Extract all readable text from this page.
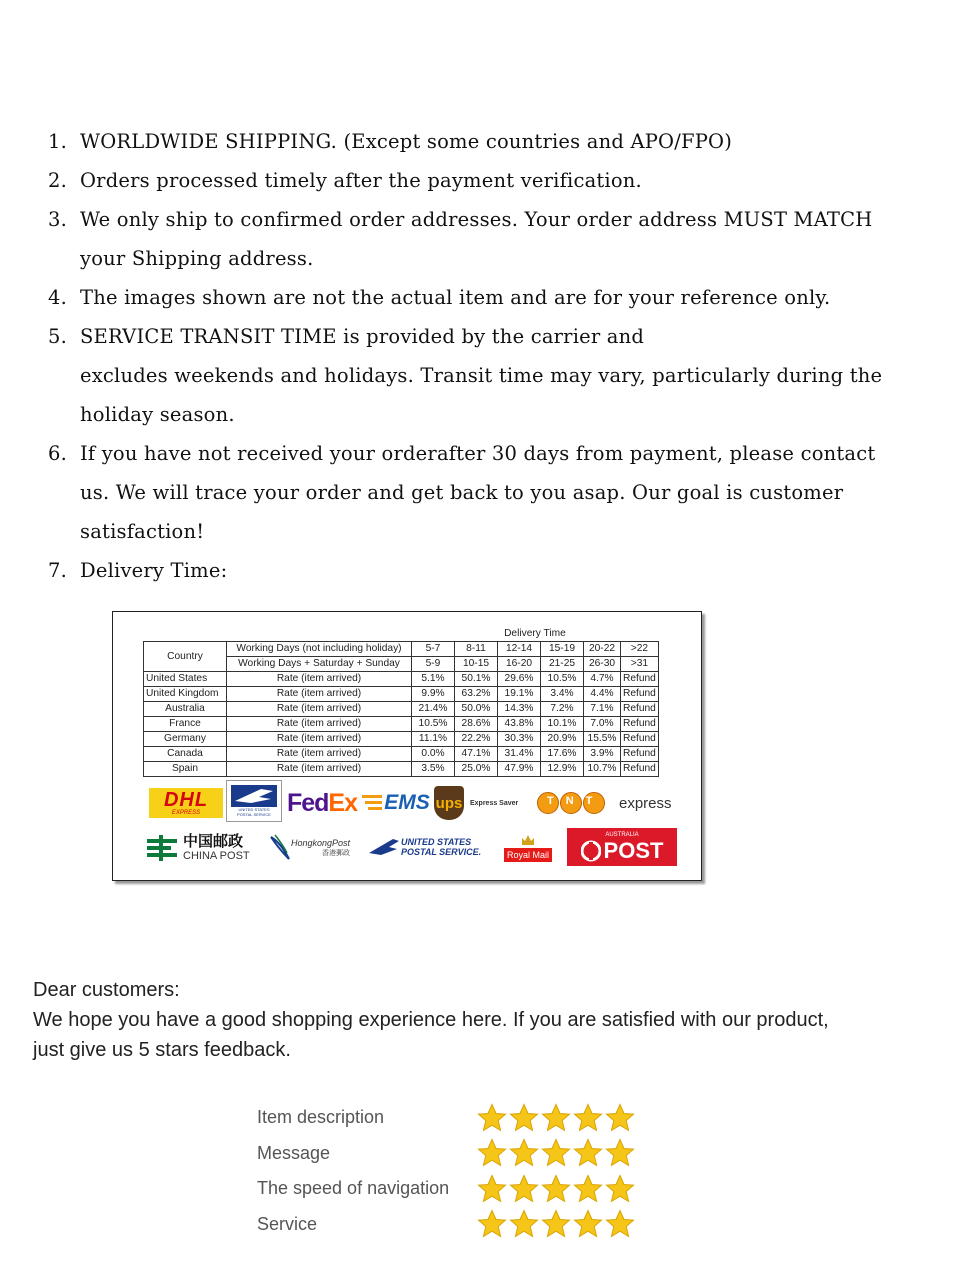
1. WORLDWIDE SHIPPING. (Except some countries and APO/FPO)
2. Orders processed timely after the payment verification.
3. We only ship to confirmed order addresses. Your order address MUST MATCH
your Shipping address.
4. The images shown are not the actual item and are for your reference only.
5. SERVICE TRANSIT TIME is provided by the carrier and
excludes weekends and holidays. Transit time may vary, particularly during the
holiday season.
6. If you have not received your orderafter 30 days from payment, please contact
us. We will trace your order and get back to you asap. Our goal is customer
satisfaction!
7. Delivery Time:
		Delivery Time					
Country	Working Days (not including holiday)	5-7	8-11	12-14	15-19	20-22	>22
	Working Days + Saturday + Sunday	5-9	10-15	16-20	21-25	26-30	>31
United States	Rate (item arrived)	5.1%	50.1%	29.6%	10.5%	4.7%	Refund
United Kingdom	Rate (item arrived)	9.9%	63.2%	19.1%	3.4%	4.4%	Refund
Australia	Rate (item arrived)	21.4%	50.0%	14.3%	7.2%	7.1%	Refund
France	Rate (item arrived)	10.5%	28.6%	43.8%	10.1%	7.0%	Refund
Germany	Rate (item arrived)	11.1%	22.2%	30.3%	20.9%	15.5%	Refund
Canada	Rate (item arrived)	0.0%	47.1%	31.4%	17.6%	3.9%	Refund
Spain	Rate (item arrived)	3.5%	25.0%	47.9%	12.9%	10.7%	Refund
DHL
EXPRESS	UNITED STATES POSTAL SERVICE Fed Ex EMS ups Express Saver	TNT express
中国邮政
CHINA POST
HongkongPost
香港郵政
UNITED STATES
POSTAL SERVICE.	Royal Mail
AUSTRALIA
POST
Dear customers:
We hope you have a good shopping experience here. If you are satisfied with our product,
just give us 5 stars feedback.
Item description
Message
The speed of navigation
Service
